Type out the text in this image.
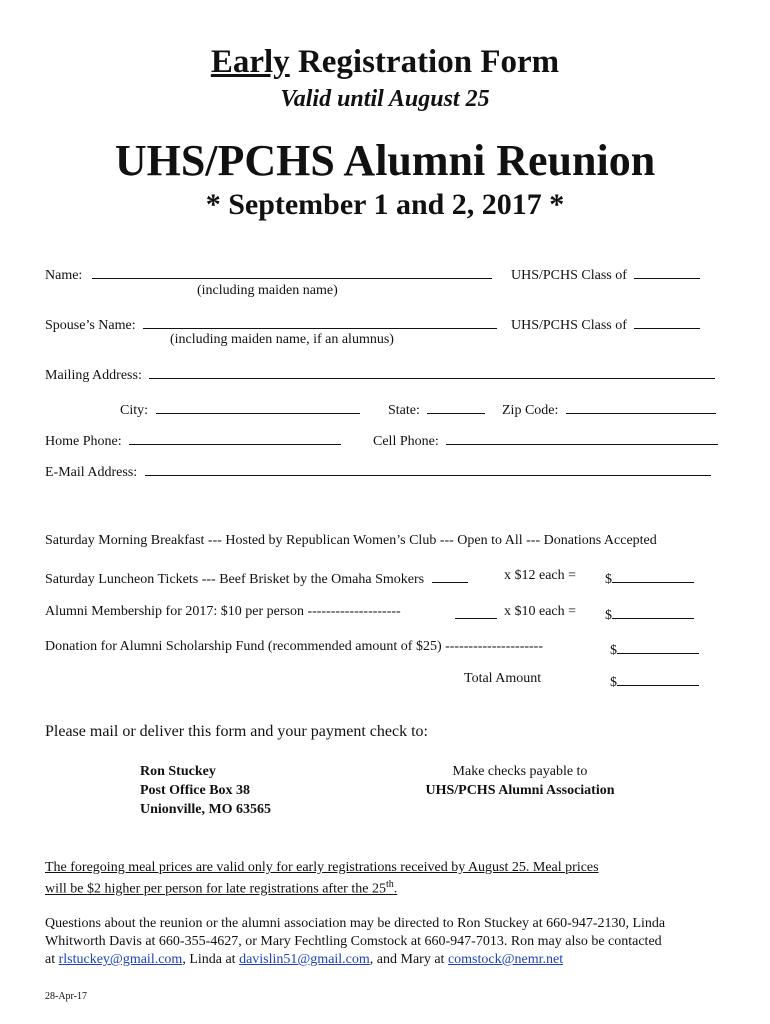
Early Registration Form
Valid until August 25
UHS/PCHS Alumni Reunion
* September 1 and 2, 2017 *
Name:	UHS/PCHS Class of
(including maiden name)
Spouse’s Name:	UHS/PCHS Class of
(including maiden name, if an alumnus)
Mailing Address:
City:	State:	Zip Code:
Home Phone:	Cell Phone:
E-Mail Address:
Saturday Morning Breakfast --- Hosted by Republican Women’s Club --- Open to All --- Donations Accepted
Saturday Luncheon Tickets --- Beef Brisket by the Omaha Smokers	x $12 each = $
Alumni Membership for 2017: $10 per person --------------------	x $10 each = $
Donation for Alumni Scholarship Fund (recommended amount of $25) ---------------------	$
Total Amount	$
Please mail or deliver this form and your payment check to:
Ron Stuckey
Post Office Box 38
Unionville, MO 63565
Make checks payable to
UHS/PCHS Alumni Association
The foregoing meal prices are valid only for early registrations received by August 25. Meal prices
will be $2 higher per person for late registrations after the 25th.
Questions about the reunion or the alumni association may be directed to Ron Stuckey at 660-947-2130, Linda
Whitworth Davis at 660-355-4627, or Mary Fechtling Comstock at 660-947-7013. Ron may also be contacted
at rlstuckey@gmail.com, Linda at davislin51@gmail.com, and Mary at comstock@nemr.net
28-Apr-17
